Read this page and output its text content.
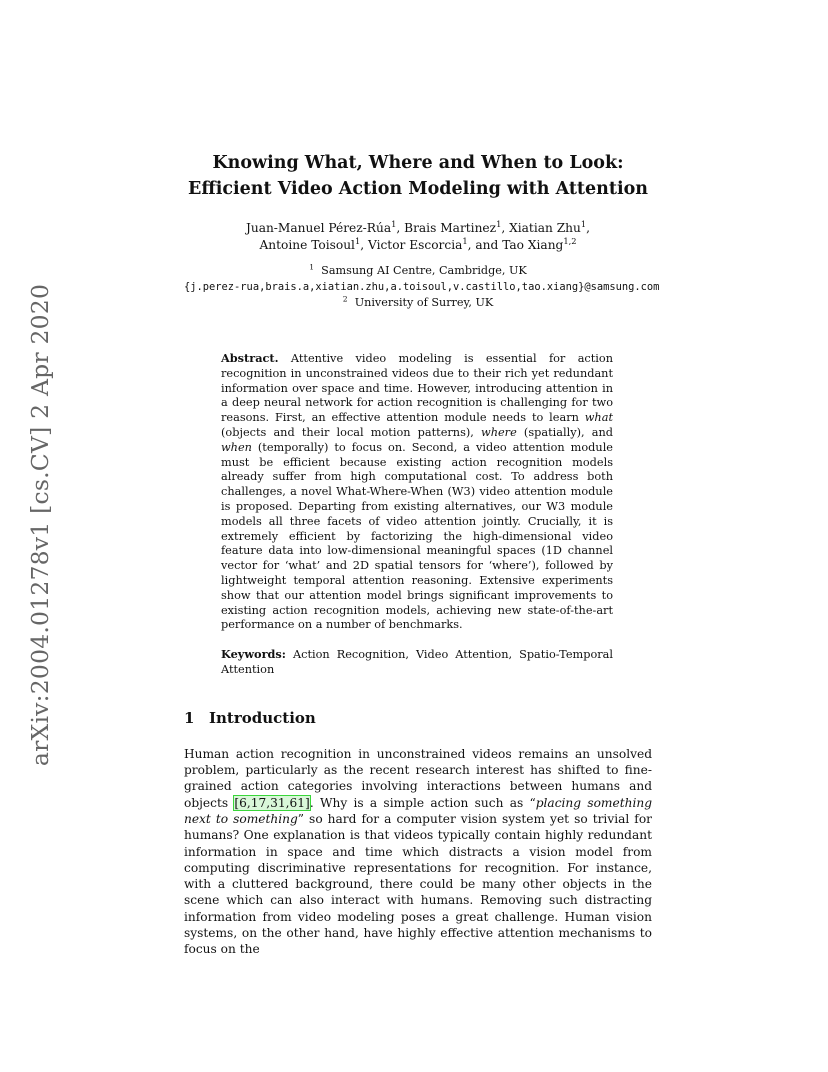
arXiv:2004.01278v1 [cs.CV] 2 Apr 2020
Knowing What, Where and When to Look:
Efficient Video Action Modeling with Attention
Juan-Manuel Pérez-Rúa$^1$, Brais Martinez$^1$, Xiatian Zhu$^1$,
Antoine Toisoul$^1$, Victor Escorcia$^1$, and Tao Xiang$^{1,2}$
$^1$ Samsung AI Centre, Cambridge, UK
{j.perez-rua,brais.a,xiatian.zhu,a.toisoul,v.castillo,tao.xiang}@samsung.com
$^2$ University of Surrey, UK
Abstract. Attentive video modeling is essential for action recognition in unconstrained videos due to their rich yet redundant information over space and time. However, introducing attention in a deep neural network for action recognition is challenging for two reasons. First, an effective attention module needs to learn what (objects and their local motion patterns), where (spatially), and when (temporally) to focus on. Second, a video attention module must be efficient because existing action recognition models already suffer from high computational cost. To address both challenges, a novel What-Where-When (W3) video attention module is proposed. Departing from existing alternatives, our W3 module models all three facets of video attention jointly. Crucially, it is extremely efficient by factorizing the high-dimensional video feature data into low-dimensional meaningful spaces (1D channel vector for ‘what’ and 2D spatial tensors for ‘where’), followed by lightweight temporal attention reasoning. Extensive experiments show that our attention model brings significant improvements to existing action recognition models, achieving new state-of-the-art performance on a number of benchmarks.
Keywords: Action Recognition, Video Attention, Spatio-Temporal Attention
1 Introduction
Human action recognition in unconstrained videos remains an unsolved problem, particularly as the recent research interest has shifted to fine-grained action categories involving interactions between humans and objects [6,17,31,61]. Why is a simple action such as “placing something next to something” so hard for a computer vision system yet so trivial for humans? One explanation is that videos typically contain highly redundant information in space and time which distracts a vision model from computing discriminative representations for recognition. For instance, with a cluttered background, there could be many other objects in the scene which can also interact with humans. Removing such distracting information from video modeling poses a great challenge. Human vision systems, on the other hand, have highly effective attention mechanisms to focus on the
